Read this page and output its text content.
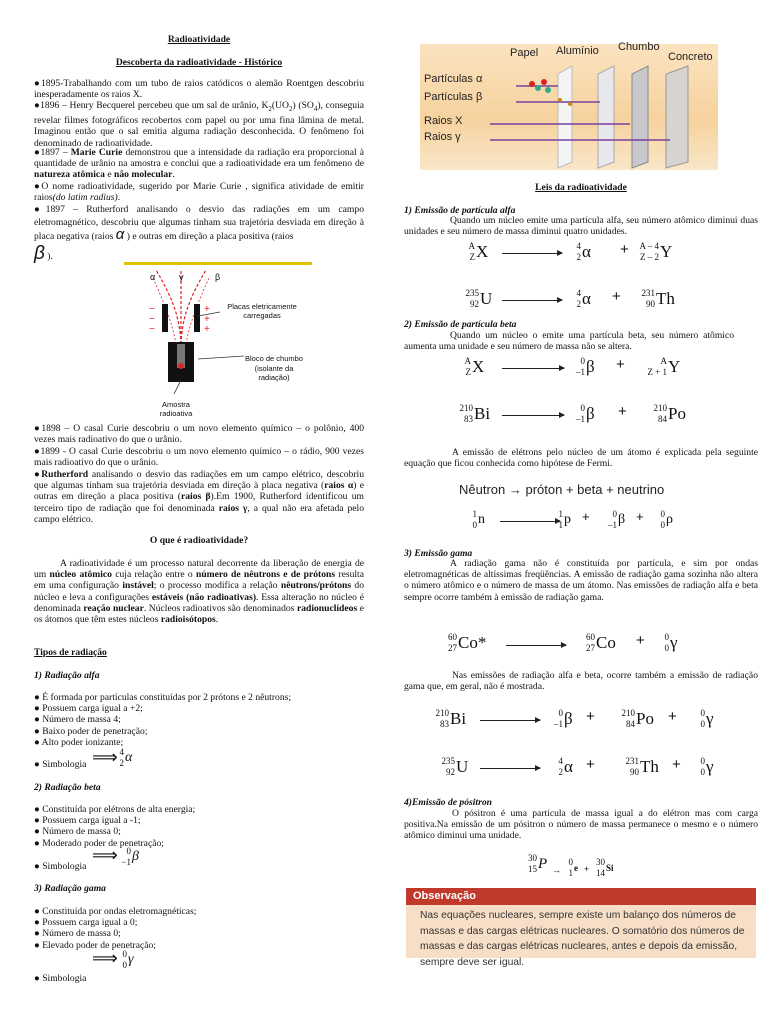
Radioatividade
Descoberta da radioatividade - Histórico

●1895-Trabalhando com um tubo de raios catódicos o alemão Roentgen descobriu inesperadamente os raios X.

●1896 – Henry Becquerel percebeu que um sal de urânio, $K_2(UO_2)$ $(SO_4)$, conseguia revelar filmes fotográficos recobertos com papel ou por uma fina lâmina de metal. Imaginou então que o sal emitia alguma radiação desconhecida. O fenômeno foi denominado de radioatividade.

●1897 – Marie Curie demonstrou que a intensidade da radiação era proporcional à quantidade de urânio na amostra e conclui que a radioatividade era um fenômeno de natureza atômica e não molecular.

●O nome radioatividade, sugerido por Marie Curie , significa atividade de emitir raios(do latim radius).

●1897 – Rutherford analisando o desvio das radiações em um campo eletromagnético, descobriu que algumas tinham sua trajetória desviada em direção à placa negativa (raios α ) e outras em direção a placa positiva (raios
β ).

−
−
−
+
+
+
α	γ	β
Placas eletricamente carregadas
Bloco de chumbo (isolante da radiação)
Amostra radioativa

●1898 – O casal Curie descobriu o um novo elemento químico – o polônio, 400 vezes mais radioativo do que o urânio.

●1899 - O casal Curie descobriu o um novo elemento químico – o rádio, 900 vezes mais radioativo do que o urânio.

●Rutherford analisando o desvio das radiações em um campo elétrico, descobriu que algumas tinham sua trajetória desviada em direção à placa negativa (raios α) e outras em direção a placa positiva (raios β).Em 1900, Rutherford identificou um terceiro tipo de radiação que foi denominada raios γ, a qual não era afetada pelo campo elétrico.

O que é radioatividade?

A radioatividade é um processo natural decorrente da liberação de energia de um núcleo atômico cuja relação entre o número de nêutrons e de prótons resulta em uma configuração instável; o processo modifica a relação nêutrons/prótons do núcleo e leva a configurações estáveis (não radioativas). Essa alteração no núcleo é denominada reação nuclear. Núcleos radioativos são denominados radionuclídeos e os átomos que têm estes núcleos radioisótopos.

Tipos de radiação
1) Radiação alfa
● É formada por partículas constituídas por 2 prótons e 2 nêutrons;
● Possuem carga igual a +2;
● Número de massa 4;
● Baixo poder de penetração;
● Alto poder ionizante;
● Simbologia ⟹ 4
2 α
2) Radiação beta
● Constituída por elétrons de alta energia;
● Possuem carga igual a -1;
● Número de massa 0;
● Moderado poder de penetração;
● Simbologia
⟹ 0
−1 β
3) Radiação gama
● Constituída por ondas eletromagnéticas;
● Possuem carga igual a 0;
● Número de massa 0;
● Elevado poder de penetração;
⟹ 0
0 γ
● Simbologia
Papel Alumínio Chumbo
Concreto
Partículas α
Partículas β
Raios X
Raios γ
Leis da radioatividade
1) Emissão de partícula alfa

Quando um núcleo emite uma partícula alfa, seu número atômico diminui duas unidades e seu número de massa diminui quatro unidades.

A
Z X	4
2 α + A – 4
Z – 2 Y
235
92 U	4
2 α + 231
90 Th
2) Emissão de partícula beta

Quando um núcleo o emite uma partícula beta, seu número atômico aumenta uma unidade e seu número de massa não se altera.

A
Z X	0
–1 β +	A
Z + 1 Y
210
83 Bi	0
–1 β +	210
84 Po

A emissão de elétrons pelo núcleo de um átomo é explicada pela seguinte equação que ficou conhecida como hipótese de Fermi.

Nêutron → próton + beta + neutrino
1
0 n	1
1 p +	0
–1 β + 0
0 ρ
3) Emissão gama

A radiação gama não é constituída por partícula, e sim por ondas eletromagnéticas de altíssimas freqüências. A emissão de radiação gama sozinha não altera o número atômico e o número de massa de um átomo. Nas emissões de radiação alfa e beta sempre ocorre também à emissão de radiação gama.

60
27 Co*	60
27 Co + 0
0 γ

Nas emissões de radiação alfa e beta, ocorre também a emissão de radiação gama que, em geral, não é mostrada.

210
83 Bi	0
–1 β +	210
84 Po +	0
0 γ
235
92 U	4
2 α +	231
90 Th + 0
0 γ
4)Emissão de pósitron

O pósitron é uma partícula de massa igual a do elétron mas com carga positiva.Na emissão de um pósitron o número de massa permanece o mesmo e o número atômico diminui uma unidade.

30
15 P →
0
1 e +
30
14 Si
Observação

Nas equações nucleares, sempre existe um balanço dos números de massas e das cargas elétricas nucleares. O somatório dos números de massas e das cargas elétricas nucleares, antes e depois da emissão, sempre deve ser igual.
